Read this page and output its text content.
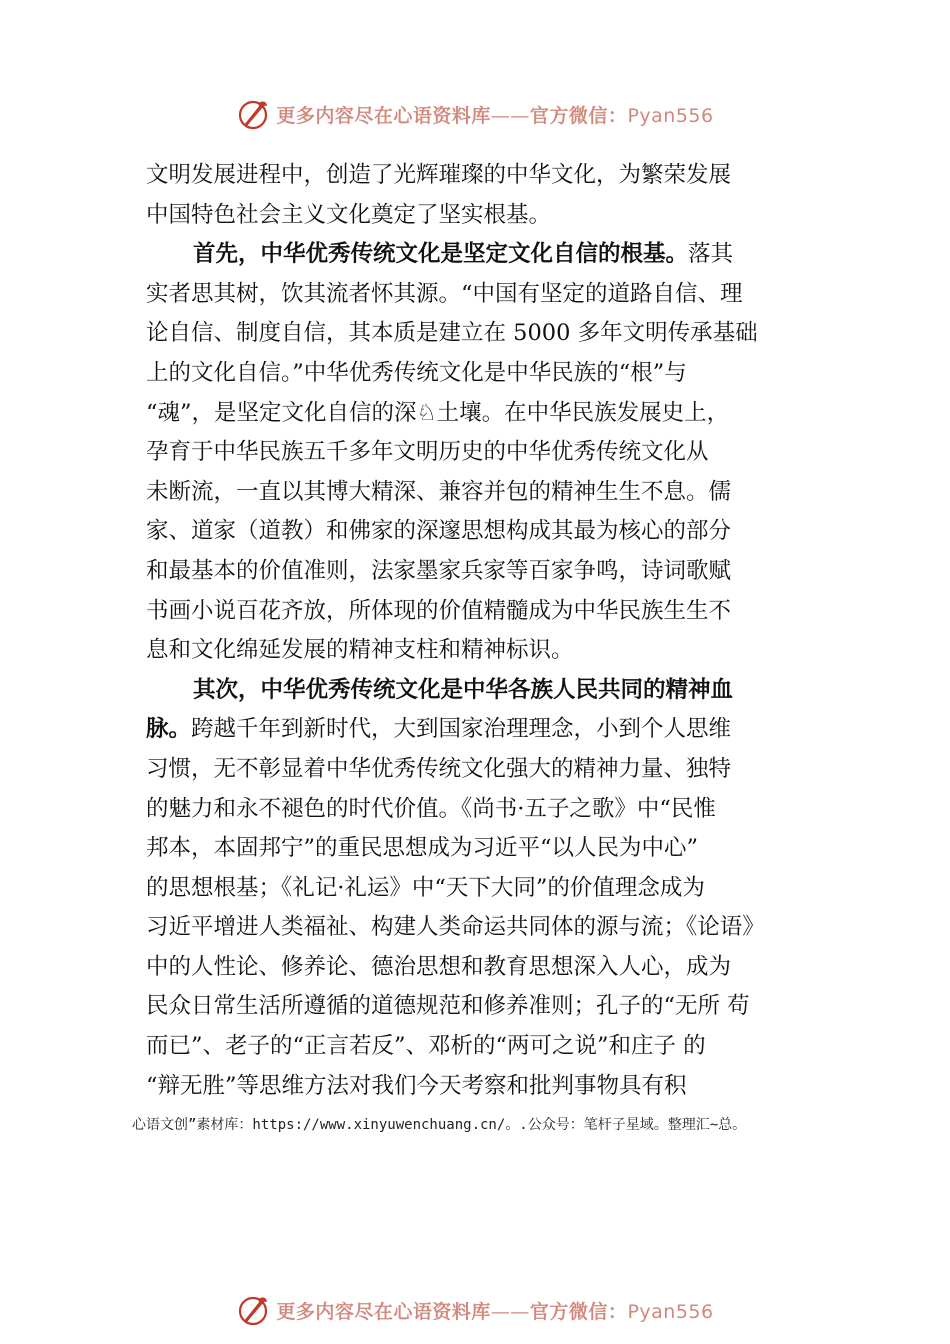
更多内容尽在心语资料库——官方微信：Pyan556
文明发展进程中，创造了光辉璀璨的中华文化，为繁荣发展
中国特色社会主义文化奠定了坚实根基。
首先，中华优秀传统文化是坚定文化自信的根基。落其
实者思其树，饮其流者怀其源。“中国有坚定的道路自信、理
论自信、制度自信，其本质是建立在 5000 多年文明传承基础
上的文化自信。”中华优秀传统文化是中华民族的“根”与
“魂”，是坚定文化自信的深♘土壤。在中华民族发展史上，
孕育于中华民族五千多年文明历史的中华优秀传统文化从
未断流，一直以其博大精深、兼容并包的精神生生不息。儒
家、道家（道教）和佛家的深邃思想构成其最为核心的部分
和最基本的价值准则，法家墨家兵家等百家争鸣，诗词歌赋
书画小说百花齐放，所体现的价值精髓成为中华民族生生不
息和文化绵延发展的精神支柱和精神标识。
其次，中华优秀传统文化是中华各族人民共同的精神血
脉。跨越千年到新时代，大到国家治理理念，小到个人思维
习惯，无不彰显着中华优秀传统文化强大的精神力量、独特
的魅力和永不褪色的时代价值。《尚书·五子之歌》中“民惟
邦本，本固邦宁”的重民思想成为习近平“以人民为中心”
的思想根基；《礼记·礼运》中“天下大同”的价值理念成为
习近平增进人类福祉、构建人类命运共同体的源与流；《论语》
中的人性论、修养论、德治思想和教育思想深入人心，成为
民众日常生活所遵循的道德规范和修养准则；孔子的“无所 苟
而已”、老子的“正言若反”、邓析的“两可之说”和庄子 的
“辩无胜”等思维方法对我们今天考察和批判事物具有积
心语文创”素材库：https://www.xinyuwenchuang.cn/。.公众号：笔杆子星域。整理汇~总。
更多内容尽在心语资料库——官方微信：Pyan556
